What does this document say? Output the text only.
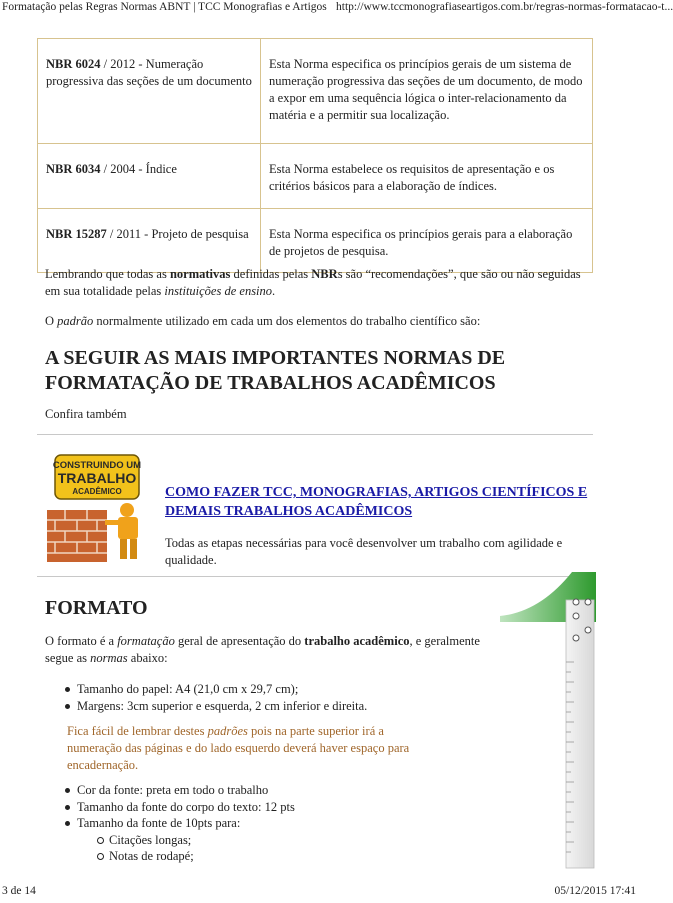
Formatação pelas Regras Normas ABNT | TCC Monografias e Artigos http://www.tccmonografiaseartigos.com.br/regras-normas-formatacao-t...
NBR 6024 / 2012 - Numeração progressiva das seções de um documento	Esta Norma especifica os princípios gerais de um sistema de numeração progressiva das seções de um documento, de modo a expor em uma sequência lógica o inter-relacionamento da matéria e a permitir sua localização.
NBR 6034 / 2004 - Índice	Esta Norma estabelece os requisitos de apresentação e os critérios básicos para a elaboração de índices.
NBR 15287 / 2011 - Projeto de pesquisa	Esta Norma especifica os princípios gerais para a elaboração de projetos de pesquisa.
Lembrando que todas as normativas definidas pelas NBRs são “recomendações”, que são ou não seguidas em sua totalidade pelas instituições de ensino.
O padrão normalmente utilizado em cada um dos elementos do trabalho científico são:
A SEGUIR AS MAIS IMPORTANTES NORMAS DE FORMATAÇÃO DE TRABALHOS ACADÊMICOS
Confira também
CONSTRUINDO UM
TRABALHO
ACADÊMICO	COMO FAZER TCC, MONOGRAFIAS, ARTIGOS CIENTÍFICOS E DEMAIS TRABALHOS ACADÊMICOS
Todas as etapas necessárias para você desenvolver um trabalho com agilidade e qualidade.
FORMATO
O formato é a formatação geral de apresentação do trabalho acadêmico, e geralmente segue as normas abaixo:
Tamanho do papel: A4 (21,0 cm x 29,7 cm);
Margens: 3cm superior e esquerda, 2 cm inferior e direita.
Fica fácil de lembrar destes padrões pois na parte superior irá a numeração das páginas e do lado esquerdo deverá haver espaço para encadernação.
Cor da fonte: preta em todo o trabalho
Tamanho da fonte do corpo do texto: 12 pts
Tamanho da fonte de 10pts para:
Citações longas;
Notas de rodapé;
3 de 14	05/12/2015 17:41
